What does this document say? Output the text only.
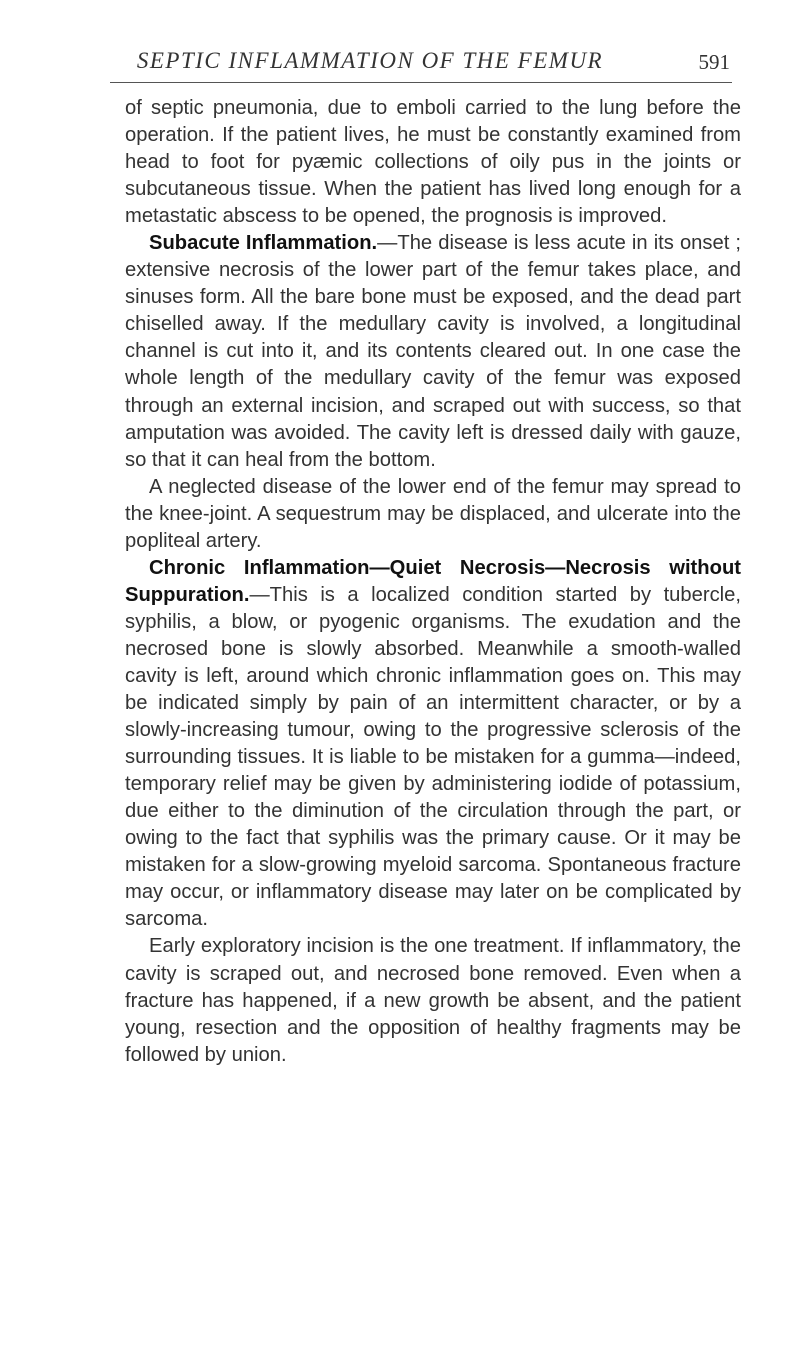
SEPTIC INFLAMMATION OF THE FEMUR	591

of septic pneumonia, due to emboli carried to the lung before the operation. If the patient lives, he must be constantly examined from head to foot for pyæmic collections of oily pus in the joints or subcutaneous tissue. When the patient has lived long enough for a metastatic abscess to be opened, the prognosis is improved.

Subacute Inflammation.—The disease is less acute in its onset ; extensive necrosis of the lower part of the femur takes place, and sinuses form. All the bare bone must be exposed, and the dead part chiselled away. If the medullary cavity is involved, a longitudinal channel is cut into it, and its contents cleared out. In one case the whole length of the medullary cavity of the femur was exposed through an external incision, and scraped out with success, so that amputation was avoided. The cavity left is dressed daily with gauze, so that it can heal from the bottom.

A neglected disease of the lower end of the femur may spread to the knee-joint. A sequestrum may be displaced, and ulcerate into the popliteal artery.

Chronic Inflammation—Quiet Necrosis—Necrosis without Suppuration.—This is a localized condition started by tubercle, syphilis, a blow, or pyogenic organisms. The exudation and the necrosed bone is slowly absorbed. Meanwhile a smooth-walled cavity is left, around which chronic inflammation goes on. This may be indicated simply by pain of an intermittent character, or by a slowly-increasing tumour, owing to the progressive sclerosis of the surrounding tissues. It is liable to be mistaken for a gumma—indeed, temporary relief may be given by administering iodide of potassium, due either to the diminution of the circulation through the part, or owing to the fact that syphilis was the primary cause. Or it may be mistaken for a slow-growing myeloid sarcoma. Spontaneous fracture may occur, or inflammatory disease may later on be complicated by sarcoma.

Early exploratory incision is the one treatment. If inflammatory, the cavity is scraped out, and necrosed bone removed. Even when a fracture has happened, if a new growth be absent, and the patient young, resection and the opposition of healthy fragments may be followed by union.
